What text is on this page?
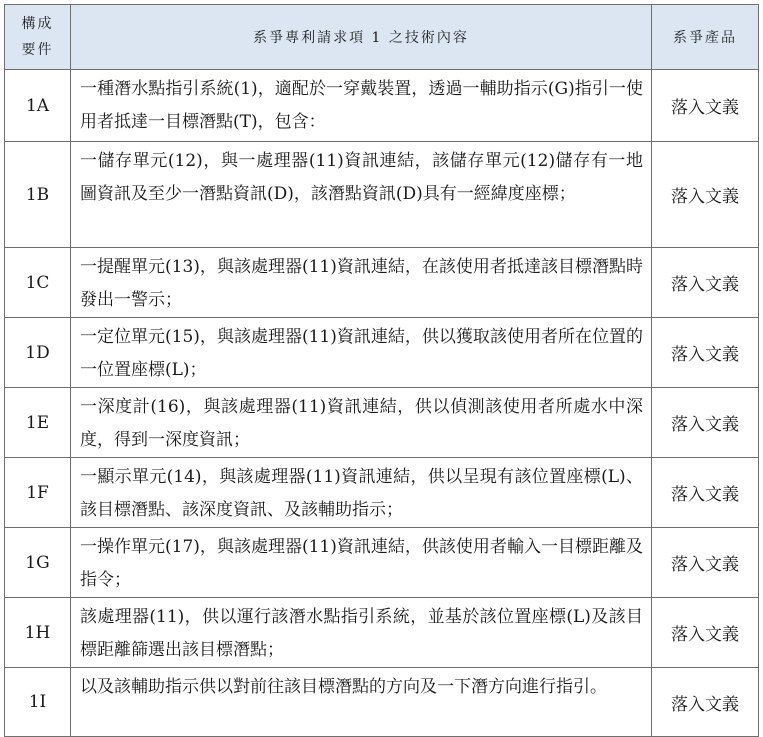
構成
要件	系爭專利請求項 1 之技術內容	系爭產品
1A	一種潛水點指引系統(1)，適配於一穿戴裝置，透過一輔助指示(G)指引一使用者抵達一目標潛點(T)，包含：	落入文義
1B	一儲存單元(12)，與一處理器(11)資訊連結，該儲存單元(12)儲存有一地圖資訊及至少一潛點資訊(D)，該潛點資訊(D)具有一經緯度座標；	落入文義
1C	一提醒單元(13)，與該處理器(11)資訊連結，在該使用者抵達該目標潛點時發出一警示；	落入文義
1D	一定位單元(15)，與該處理器(11)資訊連結，供以獲取該使用者所在位置的一位置座標(L)；	落入文義
1E	一深度計(16)，與該處理器(11)資訊連結，供以偵測該使用者所處水中深度，得到一深度資訊；	落入文義
1F	一顯示單元(14)，與該處理器(11)資訊連結，供以呈現有該位置座標(L)、該目標潛點、該深度資訊、及該輔助指示；	落入文義
1G	一操作單元(17)，與該處理器(11)資訊連結，供該使用者輸入一目標距離及指令；	落入文義
1H	該處理器(11)，供以運行該潛水點指引系統，並基於該位置座標(L)及該目標距離篩選出該目標潛點；	落入文義
1I	以及該輔助指示供以對前往該目標潛點的方向及一下潛方向進行指引。	落入文義
